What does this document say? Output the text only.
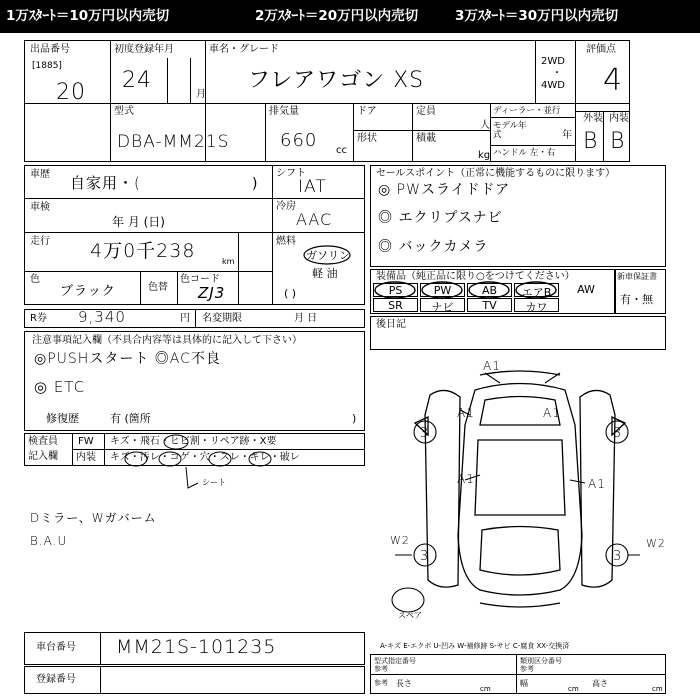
1万ｽﾀｰﾄ＝10万円以内売切	2万ｽﾀｰﾄ＝20万円以内売切	3万ｽﾀｰﾄ＝30万円以内売切
出品番号
[1885]
20
初度登録年月
24
月
車名・グレード
フレアワゴン XS
2WD
・
4WD
評価点
4
型式
DBA-MM21S
排気量
660 cc
ドア
形状
定員
人
積載
kg
ディーラー・並行
モデル年式	年
ハンドル 左・右
外装 内装
B B
車歴 自家用・(	)
車検
年 月 (日)
走行 4万0千238	km
色
ブラック	色替
色コード
ZJ3
シフト
IAT
冷房
AAC
燃料
ガソリン
軽 油
( )
R券 9,340	円 名変期限	月 日
セールスポイント（正常に機能するものに限ります）
◎ PWスライドドア
◎ エクリプスナビ
◎ バックカメラ
装備品（純正品に限り○をつけてください）
PS	PW	AB	エアB	AW
SR	ナビ	TV	カワ
新車保証書
有・無
後日記
注意事項記入欄（不具合内容等は具体的に記入して下さい）
◎PUSHスタート ◎AC不良
◎ ETC
修復歴	有 (箇所	)
検査員
記入欄
FW キズ・飛石・ヒビ割・リペア跡・X要
内装 キズ・汚レ・コゲ・穴・スレ・キレ・破レ
シート
Dミラー、Wガバーム
B.A.U
A1
A1	A1
A1	A1
W2	W2
3	3
3	3
スペア
車台番号 MM21S-101235
登録番号
A-キズ E-エクボ U-凹み W-補修跡 S-サビ C-腐食 XX-交換済
型式指定番号
参考
類別区分番号
参考
参考 長さ
cm
幅
cm
高さ
cm
